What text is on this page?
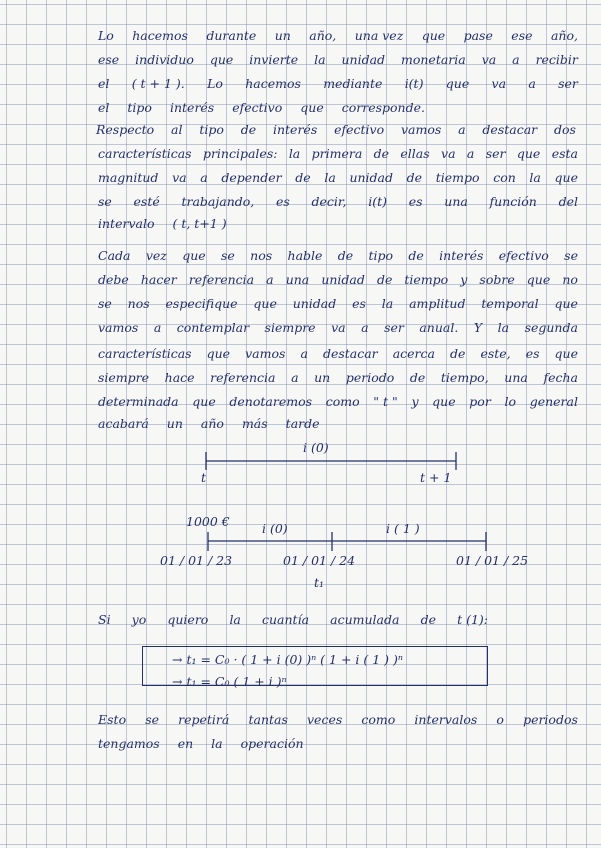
Lo hacemos durante un año, una vez que pase ese año,
ese individuo que invierte la unidad monetaria va a recibir
el ( t + 1 ). Lo hacemos mediante i(t) que va a ser
el tipo interés efectivo que corresponde.
Respecto al tipo de interés efectivo vamos a destacar dos
características principales: la primera de ellas va a ser que esta
magnitud va a depender de la unidad de tiempo con la que
se esté trabajando, es decir, i(t) es una función del
intervalo ( t, t+1 )
Cada vez que se nos hable de tipo de interés efectivo se
debe hacer referencia a una unidad de tiempo y sobre que no
se nos especifique que unidad es la amplitud temporal que
vamos a contemplar siempre va a ser anual. Y la segunda
características que vamos a destacar acerca de este, es que
siempre hace referencia a un periodo de tiempo, una fecha
determinada que denotaremos como " t " y que por lo general
acabará un año más tarde
i (0)
t	t + 1
1000 €	i (0)	i ( 1 )
01 / 01 / 23	01 / 01 / 24	01 / 01 / 25
t₁
Si yo quiero la cuantía acumulada de t (1):
→ t₁ = C₀ · ( 1 + i (0) )ⁿ ( 1 + i ( 1 ) )ⁿ
→ t₁ = C₀ ( 1 + i )ⁿ
Esto se repetirá tantas veces como intervalos o periodos
tengamos en la operación
